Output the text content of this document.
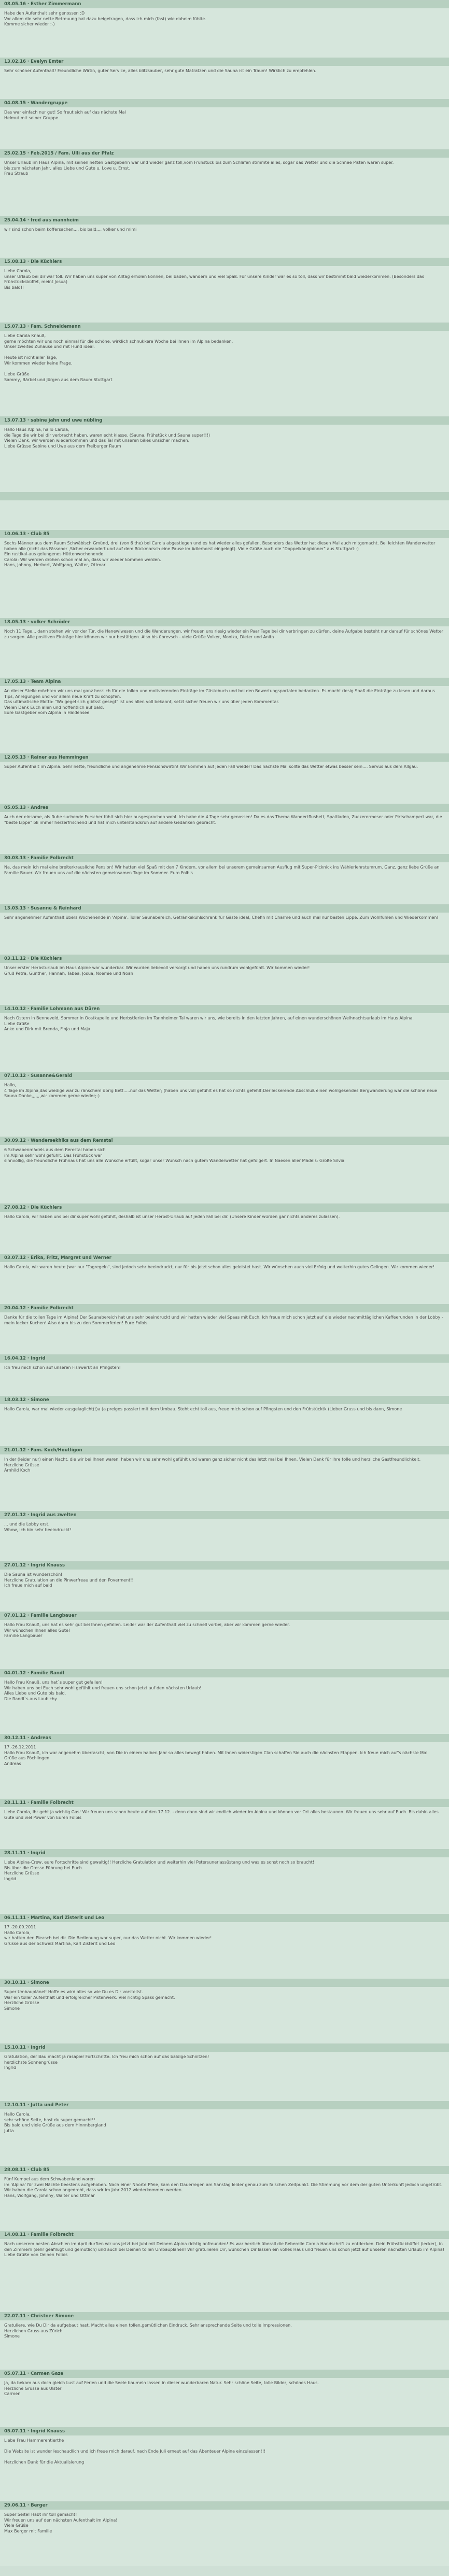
08.05.16 · Esther Zimmermann
Habe den Aufenthalt sehr genossen :D
Vor allem die sehr nette Betreuung hat dazu beigetragen, dass ich mich (fast) wie daheim fühlte.
Komme sicher wieder :-)
13.02.16 · Evelyn Emter
Sehr schöner Aufenthalt! Freundliche Wirtin, guter Service, alles blitzsauber, sehr gute Matratzen und die Sauna ist ein Traum! Wirklich zu empfehlen.
04.08.15 · Wandergruppe
Das war einfach nur gut! So freut sich auf das nächste Mal
Helmut mit seiner Gruppe
25.02.15 · Feb.2015 / Fam. Ulli aus der Pfalz
Unser Urlaub im Haus Alpina, mit seinen netten Gastgeberin war und wieder ganz toll,vom Frühstück bis zum Schlafen stimmte alles, sogar das Wetter und die Schnee Pisten waren super.
bis zum nächsten Jahr, alles Liebe und Gute u. Love u. Ernst.
Frau Straub
25.04.14 · fred aus mannheim
wir sind schon beim koffersachen.... bis bald.... volker und mimi
15.08.13 · Die Küchlers
Liebe Carola,
unser Urlaub bei dir war toll. Wir haben uns super von Alltag erholen können, bei baden, wandern und viel Spaß. Für unsere Kinder war es so toll, dass wir bestimmt bald wiederkommen. (Besonders das Frühstücksbüffet, meint Josua)
Bis bald!!
15.07.13 · Fam. Schneidemann
Liebe Carola Knauß,
gerne möchten wir uns noch einmal für die schöne, wirklich schnukkere Woche bei Ihnen im Alpina bedanken.
Unser zweites Zuhause und mit Hund ideal.

Heute ist nicht aller Tage,
Wir kommen wieder keine Frage.

Liebe Grüße
Sammy, Bärbel und Jürgen aus dem Raum Stuttgart
13.07.13 · sabine jahn und uwe nübling
Hallo Haus Alpina, hallo Carola,
die Tage die wir bei dir verbracht haben, waren echt klasse. (Sauna, Frühstück und Sauna super!!!)
Vielen Dank, wir werden wiederkommen und das Tal mit unseren bikes unsicher machen.
Liebe Grüsse Sabine und Uwe aus dem Freiburger Raum
10.06.13 · Club 85
Sechs Männer aus dem Raum Schwäbisch Gmünd, drei (von 6 the) bei Carola abgestiegen und es hat wieder alles gefallen. Besonders das Wetter hat diesen Mal auch mitgemacht. Bei leichten Wanderwetter haben alle (nicht das Fässener ,Sicher erwandert und auf dem Rückmarsch eine Pause im Adlerhorst eingelegt). Viele Grüße auch die "Doppelkönigbinner" aus Stuttgart:-)
Ein rustikal-aus gelungenes Hüttenwochenende.
Carola: Wir werden drohen schon mal an, dass wir wieder kommen werden.
Hans, Johnny, Herbert, Wolfgang, Walter, Ottmar
18.05.13 · volker Schröder
Noch 11 Tage... dann stehen wir vor der Tür, die Hanewiwesen und die Wanderungen, wir freuen uns riesig wieder ein Paar Tage bei dir verbringen zu dürfen, deine Aufgabe besteht nur darauf für schönes Wetter zu sorgen. Alle positiven Einträge hier können wir nur bestätigen. Also bis übrevsch - viele Grüße Volker, Monika, Dieter und Anita
17.05.13 · Team Alpina
An dieser Stelle möchten wir uns mal ganz herzlich für die tollen und motivierenden Einträge im Gästebuch und bei den Bewertungsportalen bedanken. Es macht riesig Spaß die Einträge zu lesen und daraus Tips, Anregungen und vor allem neue Kraft zu schöpfen.
Das ultimatische Motto: "Wo gegel sich gibtsst gesegt" ist uns allen voll bekannt, setzt sicher freuen wir uns über jeden Kommentar.
Vielen Dank Euch allen und hoffentlich auf bald.
Eure Gastgeber vom Alpina in Haldensee
12.05.13 · Rainer aus Hemmingen
Super Aufenthalt im Alpina. Sehr nette, freundliche und angenehme Pensionswirtin! Wir kommen auf jeden Fall wieder! Das nächste Mal sollte das Wetter etwas besser sein.... Servus aus dem Allgäu.
05.05.13 · Andrea
Auch der einsame, als Ruhe suchende Furscher fühlt sich hier ausgesprochen wohl. Ich habe die 4 Tage sehr genossen! Da es das Thema Wandertflushett, Spaltladen, Zuckerermeser oder Pirtschampert war, die "beste Lippe" bli immer herzerfrischend und hat mich unterstandsruh auf andere Gedanken gebracht.
30.03.13 · Familie Folbrecht
Na, das mein ich mal eine breiterkrausliche Pension! Wir hatten viel Spaß mit den 7 Kindern, vor allem bei unserem gemeinsamen Ausflug mit Super-Picknick ins Wählerlehrstumrum. Ganz, ganz liebe Grüße an Familie Bauer. Wir freuen uns auf die nächsten gemeinsamen Tage im Sommer. Euro Folbis
13.03.13 · Susanne & Reinhard
Sehr angenehmer Aufenthalt übers Wochenende in 'Alpina'. Toller Saunabereich, Getränkekühlschrank für Gäste ideal, Chefin mit Charme und auch mal nur besten Lippe. Zum Wohlfühlen und Wiederkommen!
03.11.12 · Die Küchlers
Unser erster Herbsturlaub im Haus Alpine war wunderbar. Wir wurden liebevoll versorgt und haben uns rundrum wohlgefühlt. Wir kommen wieder!
Gruß Petra, Günther, Hannah, Tabea, Josua, Noemie und Noah
14.10.12 · Familie Lohmann aus Düren
Nach Ostern in Benneveld, Sommer in Oostkapelle und Herbstferien im Tannheimer Tal waren wir uns, wie bereits in den letzten Jahren, auf einen wunderschönen Weihnachtsurlaub im Haus Alpina.
Liebe Grüße
Anke und Dirk mit Brenda, Finja und Maja
07.10.12 · Susanne&Gerald
Hallo,
4 Tage im Alpina,das wiedige war zu ränschem übrig Bett.....nur das Wetter; (haben uns voll gefühlt es hat so nichts gefehlt;Der leckerende Abschluß einen wohlgesendes Bergwanderung war die schöne neue Sauna.Danke,,,,,,,wir kommen gerne wieder;-)
30.09.12 · Wandersekhiks aus dem Remstal
6 Schwabenmädels aus dem Remstal haben sich
im Alpina sehr wohl gefühlt. Das Frühstück war
sinnvollig, die freundliche Frühnaus hat uns alle Wünsche erfüllt, sogar unser Wunsch nach gutem Wanderwetter hat gefolgert. In Naesen aller Mädels: Große Silvia
27.08.12 · Die Küchlers
Hallo Carola, wir haben uns bei dir super wohl gefühlt, deshalb ist unser Herbst-Urlaub auf jeden Fall bei dir. (Unsere Kinder würden gar nichts anderes zulassen).
03.07.12 · Erika, Fritz, Margret und Werner
Hallo Carola, wir waren heute (war nur "Tagregeln", sind jedoch sehr beeindruckt, nur für bis jetzt schon alles geleistet hast. Wir wünschen auch viel Erfolg und weiterhin gutes Gelingen. Wir kommen wieder!
20.04.12 · Familie Folbrecht
Danke für die tollen Tage im Alpina! Der Saunabereich hat uns sehr beeindruckt und wir hatten wieder viel Spaas mit Euch. Ich freue mich schon jetzt auf die wieder nachmittäglichen Kaffeerunden in der Lobby - mein lecker Kuchen! Also dann bis zu den Sommerferien! Eure Folbis
16.04.12 · Ingrid
Ich freu mich schon auf unseren Fishwerkt an Pfingsten!
18.03.12 · Simone
Hallo Carola, war mal wieder ausgelaglicht(t)a (a preiges passiert mit dem Umbau. Steht echt toll aus, freue mich schon auf Pfingsten und den Frühstücktk (Lieber Gruss und bis dann, Simone
21.01.12 · Fam. Koch/Houtligon
In der (leider nur) einen Nacht, die wir bei Ihnen waren, haben wir uns sehr wohl gefühlt und waren ganz sicher nicht das letzt mal bei Ihnen. Vielen Dank für Ihre tolle und herzliche Gastfreundlichkeit.
Herzliche Grüsse
Arnhild Koch
27.01.12 · Ingrid aus zwelten
... und die Lobby erst.
Whow, ich bin sehr beeindruckt!
27.01.12 · Ingrid Knauss
Die Sauna ist wunderschön!
Herzliche Gratulation an die Pinwerfreau und den Poverment!!
Ich freue mich auf bald
07.01.12 · Familie Langbauer
Hallo Frau Knauß, uns hat es sehr gut bei Ihnen gefallen. Leider war der Aufenthalt viel zu schnell vorbei, aber wir kommen gerne wieder.
Wir wünschen Ihnen alles Gute!
Familie Langbauer
04.01.12 · Familie Randl
Hallo Frau Knauß, uns hat`s super gut gefallen!
Wir haben uns bei Euch sehr wohl gefühlt und freuen uns schon jetzt auf den nächsten Urlaub!
Alles Liebe und Gute bis bald.
Die Randl`s aus Laubichy
30.12.11 · Andreas
17.-26.12.2011
Hallo Frau Knauß, ich war angenehm überrascht, von Die in einem halben Jahr so alles bewegt haben. Mit Ihnen widerstigen Clan schaffen Sie auch die nächsten Etappen. Ich freue mich auf's nächste Mal.
Grüße aus Pöchlingen
Andreas
28.11.11 · Familie Folbrecht
Liebe Carola, Ihr geht ja wichtig Gas! Wir freuen uns schon heute auf den 17.12. - denn dann sind wir endlich wieder im Alpina und können vor Ort alles bestaunen. Wir freuen uns sehr auf Euch. Bis dahin alles Gute und viel Power von Euren Folbis
28.11.11 · Ingrid
Liebe Alpina-Crew, eure Fortschritte sind gewaltig!! Herzliche Gratulation und weiterhin viel Petersunerlassüstang und was es sonst noch so braucht!
Bis über die Grosse Führung bei Euch.
Herzliche Grüsse
Ingrid
06.11.11 · Martina, Karl Zisterlt und Leo
17.-20.09.2011
Hallo Carola,
wir hatten den Pleasch bei dir. Die Bedienung war super, nur das Wetter nicht. Wir kommen wieder!
Grüsse aus der Schweiz Martina, Karl Zisterlt und Leo
30.10.11 · Simone
Super Umbauplänel! Hoffe es wird alles so wie Du es Dir vorstellst.
War ein toller Aufenthalt und erfolgreicher Pistenwerk. Viel richtig Spass gemacht.
Herzliche Grüsse
Simone
15.10.11 · Ingrid
Gratulation, der Bau macht ja rasapier Fortschritte. Ich freu mich schon auf das baldige Schnitzen!
herzlichste Sonnengrüsse
Ingrid
12.10.11 · Jutta und Peter
Hallo Carola,
sehr schöne Seite, hast du super gemacht!!
Bis bald und viele Grüße aus dem Hinnnbergland
Jutta
28.08.11 · Club 85
Fünf Kumpel aus dem Schwabenland waren
im 'Alpina' für zwei Nächte beestens aufgehoben. Nach einer Nhorte Pfeie, kam den Dauerregen am Sanstag leider genau zum falschen Zeitpunkt. Die Stimmung vor dem der guten Unterkunft jedoch ungetrübt. Wir haben die Carola schon angedroht, dass wir im Jahr 2012 wiederkommen werden.
Hans, Wolfgang, Johnny, Walter und Ottmar
14.08.11 · Familie Folbrecht
Nach unserem besten Abschlen im April durften wir uns jetzt bei Jubi mit Deinem Alpina richtig anfreunden! Es war herrlich überall die Reberelle Carola Handschrift zu entdecken. Dein Frühstückbüffet (lecker), in den Zimmern (sehr geafilugt und gemütlich) und auch bei Deinen tollen Umbauplanen! Wir gratulieren Dir, wünschen Dir lassen ein volles Haus und freuen uns schon jetzt auf unseren nächsten Urlaub im Alpina! Liebe Grüße von Deinen Folbis
22.07.11 · Christner Simone
Gratuliere, wie Du Dir da aufgebaut hast. Macht alles einen tollen,gemütlichen Eindruck. Sehr ansprechende Seite und tolle Impressionen.
Herzlichen Gruss aus Zürich
Simone
05.07.11 · Carmen Gaze
Ja, da bekam aus doch gleich Lust auf Ferien und die Seele baumeln lassen in dieser wunderbaren Natur. Sehr schöne Seite, tolle Bilder, schönes Haus.
Herzliche Grüsse aus Ulster
Carmen
05.07.11 · Ingrid Knauss
Liebe Frau Hammerentierthe

Die Website ist wunder leschaudlich und ich freue mich darauf, nach Ende Juli erneut auf das Abenteuer Alpina einzulassen!!!

Herzlichen Dank für die Aktualisierung
29.06.11 · Berger
Super Seite! Habt ihr toll gemacht!
Wir freuen uns auf den nächsten Aufenthalt im Alpina!
Viele Grüße
Max Berger mit Familie
